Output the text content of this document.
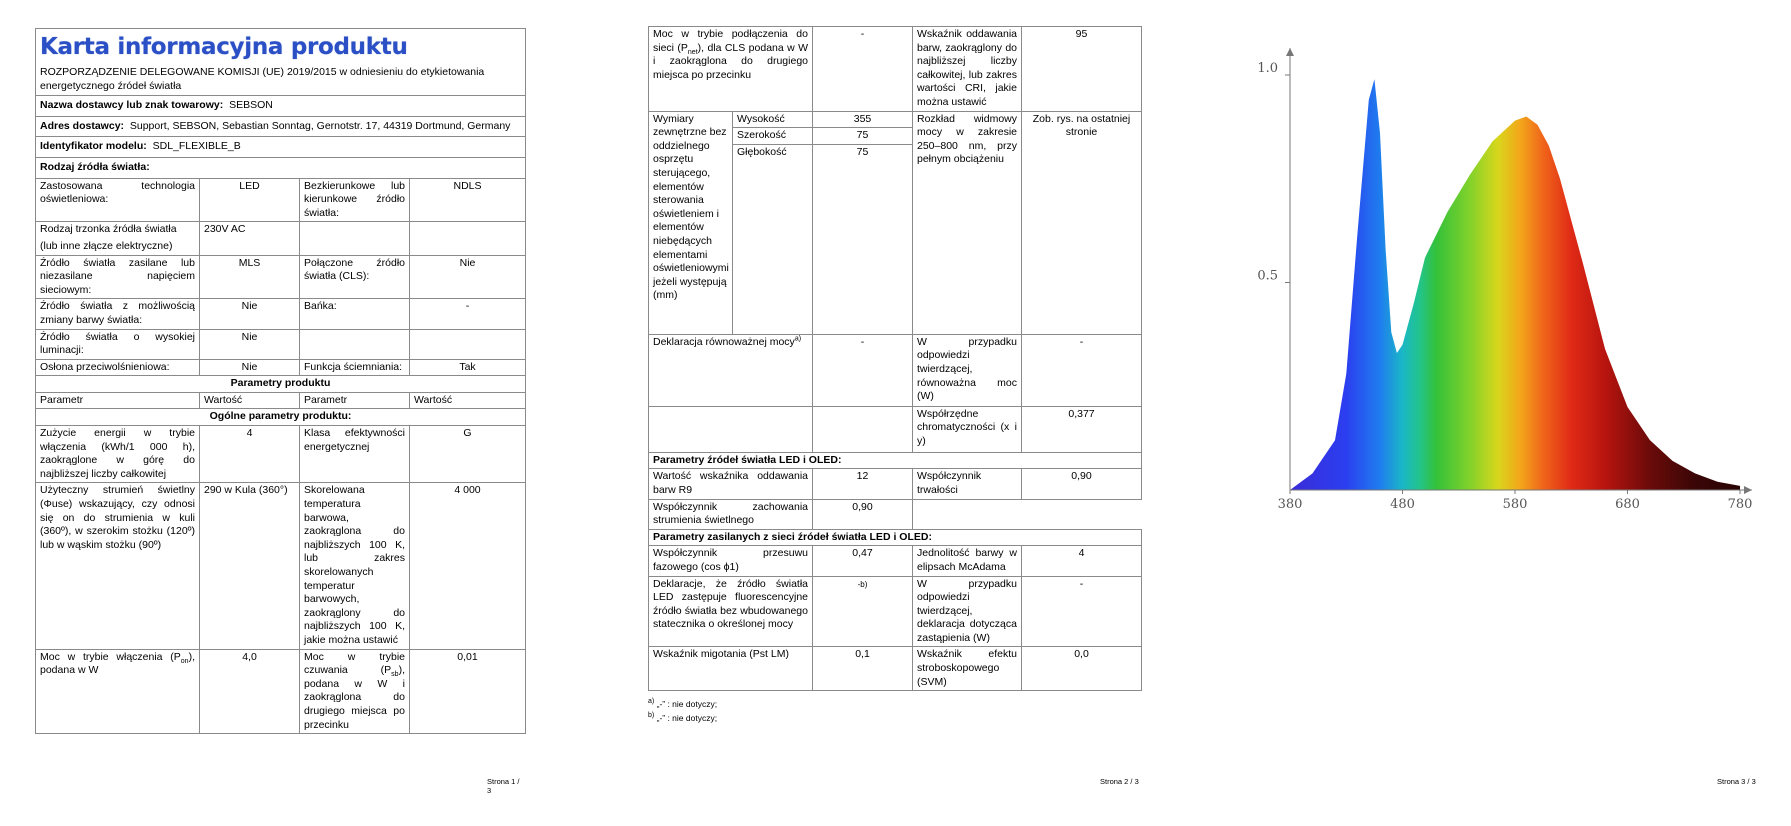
Karta informacyjna produktu
ROZPORZĄDZENIE DELEGOWANE KOMISJI (UE) 2019/2015 w odniesieniu do etykietowania energetycznego źródeł światła			

Nazwa dostawcy lub znak towarowy: SEBSON			
Adres dostawcy: Support, SEBSON, Sebastian Sonntag, Gernotstr. 17, 44319 Dortmund, Germany			
Identyfikator modelu: SDL_FLEXIBLE_B			
Rodzaj źródła światła:			
Zastosowana technologia oświetleniowa:	LED	Bezkierunkowe lub kierunkowe źródło światła:	NDLS

Rodzaj trzonka źródła światła
(lub inne złącze elektryczne)	230V AC		
Źródło światła zasilane lub niezasilane napięciem sieciowym:	MLS	Połączone źródło światła (CLS):	Nie
Źródło światła z możliwością zmiany barwy światła:	Nie	Bańka:	-
Źródło światła o wysokiej luminacji:	Nie		
Osłona przeciwolśnieniowa:	Nie	Funkcja ściemniania:	Tak
Parametry produktu			
Parametr	Wartość	Parametr	Wartość
Ogólne parametry produktu:			
Zużycie energii w trybie włączenia (kWh/1 000 h), zaokrąglone w górę do najbliższej liczby całkowitej	4	Klasa efektywności energetycznej	G
Użyteczny strumień świetlny (Φuse) wskazujący, czy odnosi się on do strumienia w kuli (360º), w szerokim stożku (120º) lub w wąskim stożku (90º)	290 w Kula (360°)	Skorelowana temperatura barwowa, zaokrąglona do najbliższych 100 K, lub zakres skorelowanych temperatur barwowych, zaokrąglony do najbliższych 100 K, jakie można ustawić	4 000
Moc w trybie włączenia $(P_{on})$, podana w W	4,0	Moc w trybie czuwania $(P_{sb})$, podana w W i zaokrąglona do drugiego miejsca po przecinku	0,01
Strona 1 / 3
Moc w trybie podłączenia do sieci $(P_{net})$, dla CLS podana w W i zaokrąglona do drugiego miejsca po przecinku		-	Wskaźnik oddawania barw, zaokrąglony do najbliższej liczby całkowitej, lub zakres wartości CRI, jakie można ustawić	95
Wymiary zewnętrzne bez oddzielnego osprzętu sterującego, elementów sterowania oświetleniem i elementów niebędących elementami oświetleniowymi jeżeli występują (mm)	Wysokość	355	Rozkład widmowy mocy w zakresie 250–800 nm, przy pełnym obciążeniu	Zob. rys. na ostatniej stronie
	Szerokość	75		
	Głębokość	75		
Deklaracja równoważnej mocy$^{a)}$		-	W przypadku odpowiedzi twierdzącej, równoważna moc (W)	-
			Współrzędne chromatyczności (x i y)	0,377
Parametry źródeł światła LED i OLED:				
Wartość wskaźnika oddawania barw R9		12	Współczynnik trwałości	0,90
Współczynnik zachowania strumienia świetlnego		0,90		
Parametry zasilanych z sieci źródeł światła LED i OLED:				
Współczynnik przesuwu fazowego (cos ϕ1)		0,47	Jednolitość barwy w elipsach McAdama	4
Deklaracje, że źródło światła LED zastępuje fluorescencyjne źródło światła bez wbudowanego statecznika o określonej mocy		-b)	W przypadku odpowiedzi twierdzącej, deklaracja dotycząca zastąpienia (W)	-
Wskaźnik migotania (Pst LM)		0,1	Wskaźnik efektu stroboskopowego (SVM)	0,0
$^{a)}$ „-” : nie dotyczy;
$^{b)}$ „-” : nie dotyczy;
Strona 2 / 3
1.0
0.5
380	480	580	680	780
Strona 3 / 3
